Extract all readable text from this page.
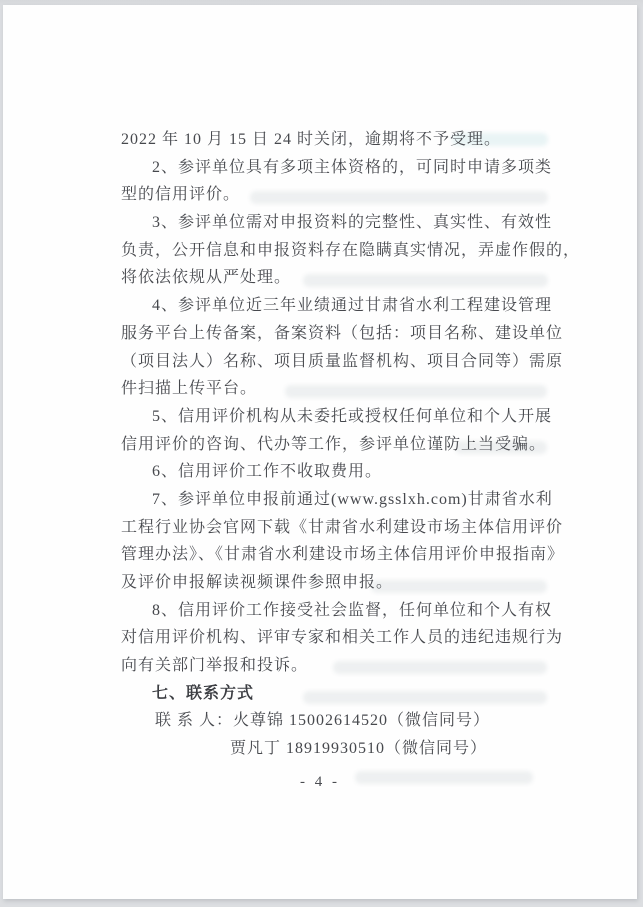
2022 年 10 月 15 日 24 时关闭，逾期将不予受理。
2、参评单位具有多项主体资格的，可同时申请多项类
型的信用评价。
3、参评单位需对申报资料的完整性、真实性、有效性
负责，公开信息和申报资料存在隐瞒真实情况，弄虚作假的，
将依法依规从严处理。
4、参评单位近三年业绩通过甘肃省水利工程建设管理
服务平台上传备案，备案资料（包括：项目名称、建设单位
（项目法人）名称、项目质量监督机构、项目合同等）需原
件扫描上传平台。
5、信用评价机构从未委托或授权任何单位和个人开展
信用评价的咨询、代办等工作，参评单位谨防上当受骗。
6、信用评价工作不收取费用。
7、参评单位申报前通过(www.gsslxh.com)甘肃省水利
工程行业协会官网下载《甘肃省水利建设市场主体信用评价
管理办法》、《甘肃省水利建设市场主体信用评价申报指南》
及评价申报解读视频课件参照申报。
8、信用评价工作接受社会监督，任何单位和个人有权
对信用评价机构、评审专家和相关工作人员的违纪违规行为
向有关部门举报和投诉。
七、联系方式
联 系 人：火尊锦 15002614520（微信同号）
贾凡丁 18919930510（微信同号）
- 4 -
